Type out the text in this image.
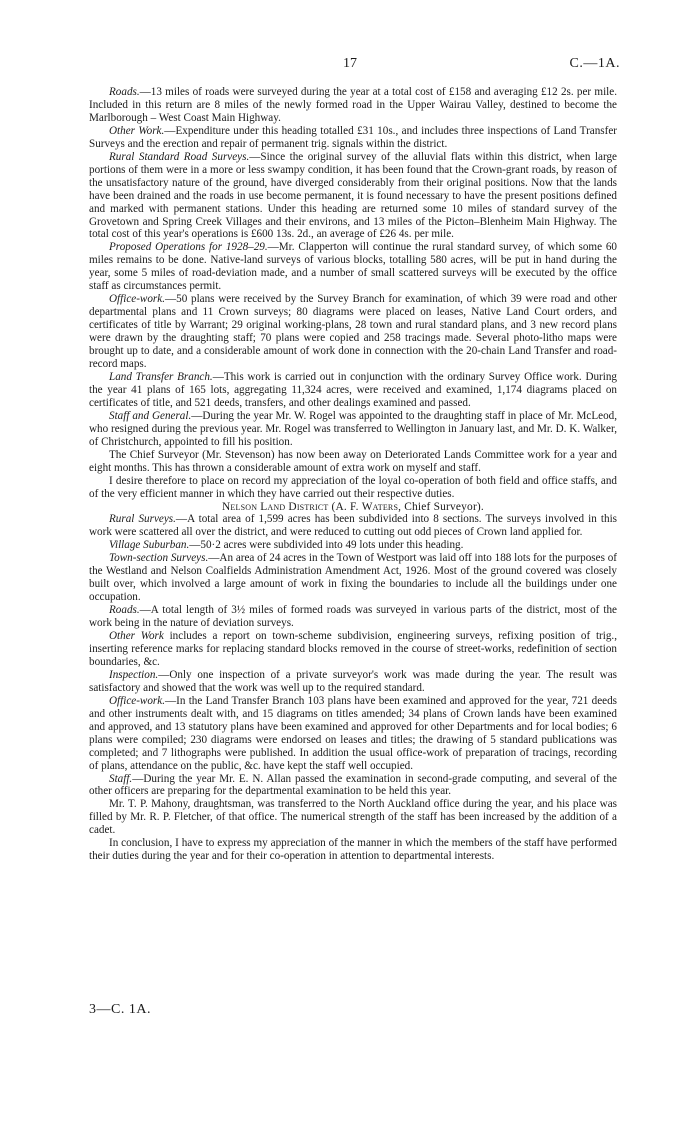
17	C.—1A.

Roads.—13 miles of roads were surveyed during the year at a total cost of £158 and averaging £12 2s. per mile. Included in this return are 8 miles of the newly formed road in the Upper Wairau Valley, destined to become the Marlborough – West Coast Main Highway.

Other Work.—Expenditure under this heading totalled £31 10s., and includes three inspections of Land Transfer Surveys and the erection and repair of permanent trig. signals within the district.

Rural Standard Road Surveys.—Since the original survey of the alluvial flats within this district, when large portions of them were in a more or less swampy condition, it has been found that the Crown-grant roads, by reason of the unsatisfactory nature of the ground, have diverged considerably from their original positions. Now that the lands have been drained and the roads in use become permanent, it is found necessary to have the present positions defined and marked with permanent stations. Under this heading are returned some 10 miles of standard survey of the Grovetown and Spring Creek Villages and their environs, and 13 miles of the Picton–Blenheim Main Highway. The total cost of this year's operations is £600 13s. 2d., an average of £26 4s. per mile.

Proposed Operations for 1928–29.—Mr. Clapperton will continue the rural standard survey, of which some 60 miles remains to be done. Native-land surveys of various blocks, totalling 580 acres, will be put in hand during the year, some 5 miles of road-deviation made, and a number of small scattered surveys will be executed by the office staff as circumstances permit.

Office-work.—50 plans were received by the Survey Branch for examination, of which 39 were road and other departmental plans and 11 Crown surveys; 80 diagrams were placed on leases, Native Land Court orders, and certificates of title by Warrant; 29 original working-plans, 28 town and rural standard plans, and 3 new record plans were drawn by the draughting staff; 70 plans were copied and 258 tracings made. Several photo-litho maps were brought up to date, and a considerable amount of work done in connection with the 20-chain Land Transfer and road-record maps.

Land Transfer Branch.—This work is carried out in conjunction with the ordinary Survey Office work. During the year 41 plans of 165 lots, aggregating 11,324 acres, were received and examined, 1,174 diagrams placed on certificates of title, and 521 deeds, transfers, and other dealings examined and passed.

Staff and General.—During the year Mr. W. Rogel was appointed to the draughting staff in place of Mr. McLeod, who resigned during the previous year. Mr. Rogel was transferred to Wellington in January last, and Mr. D. K. Walker, of Christchurch, appointed to fill his position.

The Chief Surveyor (Mr. Stevenson) has now been away on Deteriorated Lands Committee work for a year and eight months. This has thrown a considerable amount of extra work on myself and staff.

I desire therefore to place on record my appreciation of the loyal co-operation of both field and office staffs, and of the very efficient manner in which they have carried out their respective duties.

Nelson Land District (A. F. Waters, Chief Surveyor).

Rural Surveys.—A total area of 1,599 acres has been subdivided into 8 sections. The surveys involved in this work were scattered all over the district, and were reduced to cutting out odd pieces of Crown land applied for.

Village Suburban.—50·2 acres were subdivided into 49 lots under this heading.

Town-section Surveys.—An area of 24 acres in the Town of Westport was laid off into 188 lots for the purposes of the Westland and Nelson Coalfields Administration Amendment Act, 1926. Most of the ground covered was closely built over, which involved a large amount of work in fixing the boundaries to include all the buildings under one occupation.

Roads.—A total length of 3½ miles of formed roads was surveyed in various parts of the district, most of the work being in the nature of deviation surveys.

Other Work includes a report on town-scheme subdivision, engineering surveys, refixing position of trig., inserting reference marks for replacing standard blocks removed in the course of street-works, redefinition of section boundaries, &c.

Inspection.—Only one inspection of a private surveyor's work was made during the year. The result was satisfactory and showed that the work was well up to the required standard.

Office-work.—In the Land Transfer Branch 103 plans have been examined and approved for the year, 721 deeds and other instruments dealt with, and 15 diagrams on titles amended; 34 plans of Crown lands have been examined and approved, and 13 statutory plans have been examined and approved for other Departments and for local bodies; 6 plans were compiled; 230 diagrams were endorsed on leases and titles; the drawing of 5 standard publications was completed; and 7 lithographs were published. In addition the usual office-work of preparation of tracings, recording of plans, attendance on the public, &c. have kept the staff well occupied.

Staff.—During the year Mr. E. N. Allan passed the examination in second-grade computing, and several of the other officers are preparing for the departmental examination to be held this year.

Mr. T. P. Mahony, draughtsman, was transferred to the North Auckland office during the year, and his place was filled by Mr. R. P. Fletcher, of that office. The numerical strength of the staff has been increased by the addition of a cadet.

In conclusion, I have to express my appreciation of the manner in which the members of the staff have performed their duties during the year and for their co-operation in attention to departmental interests.

3—C. 1A.
